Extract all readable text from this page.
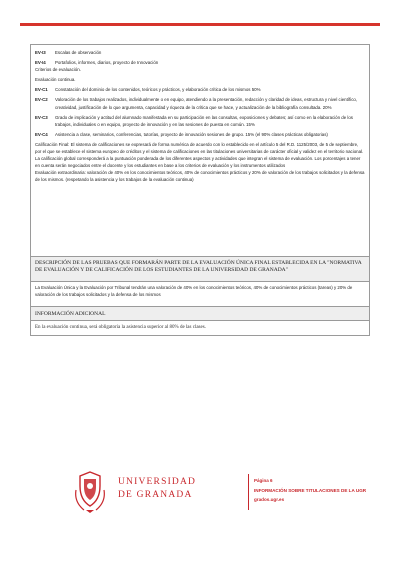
EV-I3	Escalas de observación
EV-I4	Portafolios, informes, diarios, proyecto de Innovación
Criterios de evaluación.
Evaluación continua.
EV-C1	Constatación del dominio de los contenidos, teóricos y prácticos, y elaboración crítica de los mismos 50%
EV-C2	Valoración de los trabajos realizados, individualmente o en equipo, atendiendo a la presentación, redacción y claridad de ideas, estructura y nivel científico, creatividad, justificación de lo que argumenta, capacidad y riqueza de la crítica que se hace, y actualización de la bibliografía consultada. 20%
EV-C3	Grado de implicación y actitud del alumnado manifestada en su participación en las consultas, exposiciones y debates; así como en la elaboración de los trabajos, individuales o en equipo, proyecto de innovación y en las sesiones de puesta en común. 15%
EV-C4	Asistencia a clase, seminarios, conferencias, tutorías, proyecto de innovación sesiones de grupo. 15% (el 90% clases prácticas obligatorias)
Calificación Final: El sistema de calificaciones se expresará de forma numérica de acuerdo con lo establecido en el artículo 5 del R.D. 1125/2003, de 5 de septiembre, por el que se establece el sistema europeo de créditos y el sistema de calificaciones en las titulaciones universitarias de carácter oficial y validez en el territorio nacional. La calificación global corresponderá a la puntuación ponderada de los diferentes aspectos y actividades que integran el sistema de evaluación. Los porcentajes a tener en cuenta serán negociados entre el docente y los estudiantes en base a los criterios de evaluación y los instrumentos utilizados
Evaluación extraordinaria: valoración de 40% en los conocimientos teóricos, 40% de conocimientos prácticos y 20% de valoración de los trabajos solicitados y la defensa de los mismos. (respetando la asistencia y los trabajos de la evaluación continua)
DESCRIPCIÓN DE LAS PRUEBAS QUE FORMARÁN PARTE DE LA EVALUACIÓN ÚNICA FINAL ESTABLECIDA EN LA "NORMATIVA DE EVALUACIÓN Y DE CALIFICACIÓN DE LOS ESTUDIANTES DE LA UNIVERSIDAD DE GRANADA"
La Evaluación Única y la Evaluación por Tribunal tendrán una valoración de 40% en los conocimientos teóricos, 40% de conocimientos prácticos (tareas) y 20% de valoración de los trabajos solicitados y la defensa de los mismos
INFORMACIÓN ADICIONAL
En la evaluación continua, será obligatoria la asistencia superior al 80% de las clases.
UNIVERSIDAD
DE GRANADA
Página 6
INFORMACIÓN SOBRE TITULACIONES DE LA UGR
grados.ugr.es
